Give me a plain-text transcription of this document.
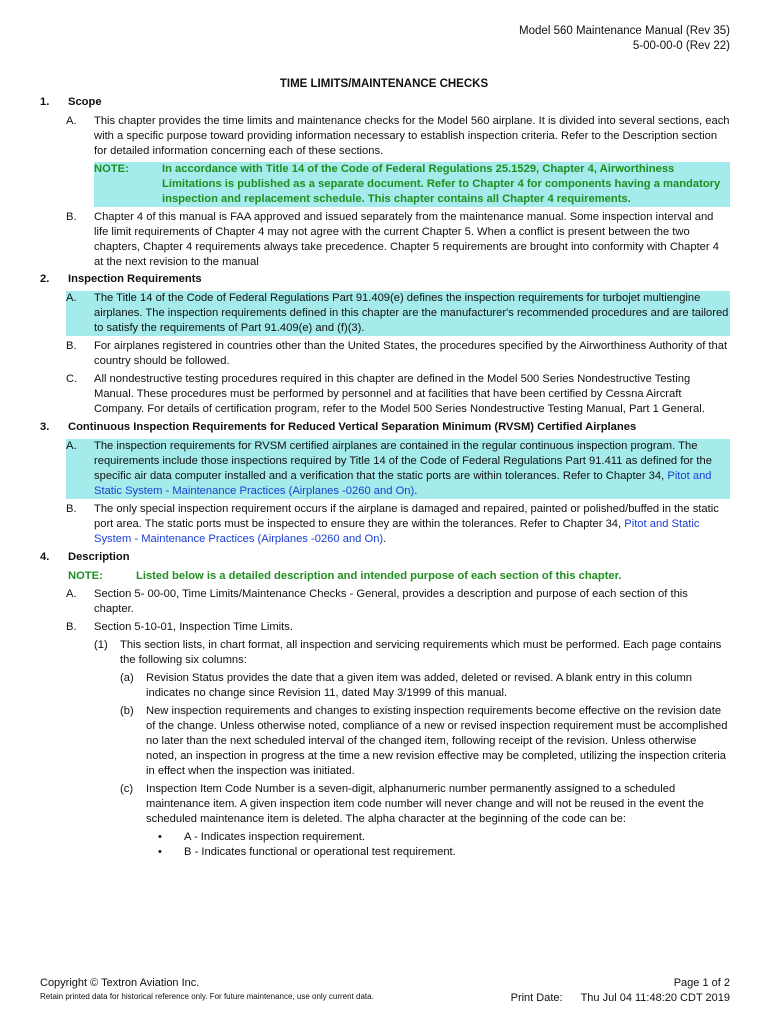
Model 560 Maintenance Manual (Rev 35)
5-00-00-0 (Rev 22)
TIME LIMITS/MAINTENANCE CHECKS
1.	Scope
A. This chapter provides the time limits and maintenance checks for the Model 560 airplane. It is divided into several sections, each with a specific purpose toward providing information necessary to establish inspection criteria. Refer to the Description section for detailed information concerning each of these sections.
NOTE:	In accordance with Title 14 of the Code of Federal Regulations 25.1529, Chapter 4, Airworthiness Limitations is published as a separate document. Refer to Chapter 4 for components having a mandatory inspection and replacement schedule. This chapter contains all Chapter 4 requirements.
B. Chapter 4 of this manual is FAA approved and issued separately from the maintenance manual. Some inspection interval and life limit requirements of Chapter 4 may not agree with the current Chapter 5. When a conflict is present between the two chapters, Chapter 4 requirements always take precedence. Chapter 5 requirements are brought into conformity with Chapter 4 at the next revision to the manual
2.	Inspection Requirements
A. The Title 14 of the Code of Federal Regulations Part 91.409(e) defines the inspection requirements for turbojet multiengine airplanes. The inspection requirements defined in this chapter are the manufacturer's recommended procedures and are tailored to satisfy the requirements of Part 91.409(e) and (f)(3).
B. For airplanes registered in countries other than the United States, the procedures specified by the Airworthiness Authority of that country should be followed.
C. All nondestructive testing procedures required in this chapter are defined in the Model 500 Series Nondestructive Testing Manual. These procedures must be performed by personnel and at facilities that have been certified by Cessna Aircraft Company. For details of certification program, refer to the Model 500 Series Nondestructive Testing Manual, Part 1 General.
3.	Continuous Inspection Requirements for Reduced Vertical Separation Minimum (RVSM) Certified Airplanes
A. The inspection requirements for RVSM certified airplanes are contained in the regular continuous inspection program. The requirements include those inspections required by Title 14 of the Code of Federal Regulations Part 91.411 as defined for the specific air data computer installed and a verification that the static ports are within tolerances. Refer to Chapter 34, Pitot and Static System - Maintenance Practices (Airplanes -0260 and On).
B. The only special inspection requirement occurs if the airplane is damaged and repaired, painted or polished/buffed in the static port area. The static ports must be inspected to ensure they are within the tolerances. Refer to Chapter 34, Pitot and Static System - Maintenance Practices (Airplanes -0260 and On).
4.	Description
NOTE:	Listed below is a detailed description and intended purpose of each section of this chapter.
A. Section 5- 00-00, Time Limits/Maintenance Checks - General, provides a description and purpose of each section of this chapter.
B. Section 5-10-01, Inspection Time Limits.
(1) This section lists, in chart format, all inspection and servicing requirements which must be performed. Each page contains the following six columns:
(a) Revision Status provides the date that a given item was added, deleted or revised. A blank entry in this column indicates no change since Revision 11, dated May 3/1999 of this manual.
(b) New inspection requirements and changes to existing inspection requirements become effective on the revision date of the change. Unless otherwise noted, compliance of a new or revised inspection requirement must be accomplished no later than the next scheduled interval of the changed item, following receipt of the revision. Unless otherwise noted, an inspection in progress at the time a new revision effective may be completed, utilizing the inspection criteria in effect when the inspection was initiated.
(c) Inspection Item Code Number is a seven-digit, alphanumeric number permanently assigned to a scheduled maintenance item. A given inspection item code number will never change and will not be reused in the event the scheduled maintenance item is deleted. The alpha character at the beginning of the code can be:
• A - Indicates inspection requirement.
• B - Indicates functional or operational test requirement.
Copyright © Textron Aviation Inc.
Retain printed data for historical reference only. For future maintenance, use only current data.
Page 1 of 2
Print Date: Thu Jul 04 11:48:20 CDT 2019
